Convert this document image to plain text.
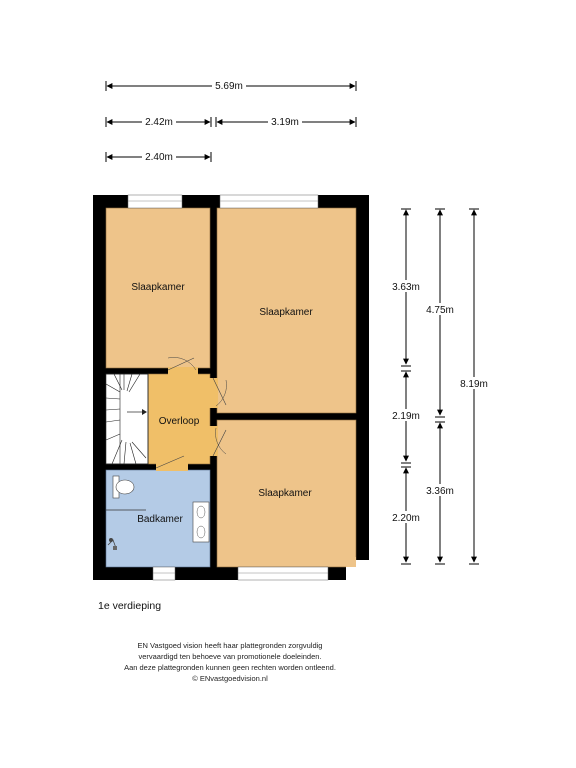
5.69m
2.42m	3.19m
2.40m
Slaapkamer
Slaapkamer
Slaapkamer
Overloop
Badkamer
3.63m
2.19m
2.20m
4.75m
3.36m
8.19m
1e verdieping
EN Vastgoed vision heeft haar plattegronden zorgvuldig
vervaardigd ten behoeve van promotionele doeleinden.
Aan deze plattegronden kunnen geen rechten worden ontleend.
© ENvastgoedvision.nl
